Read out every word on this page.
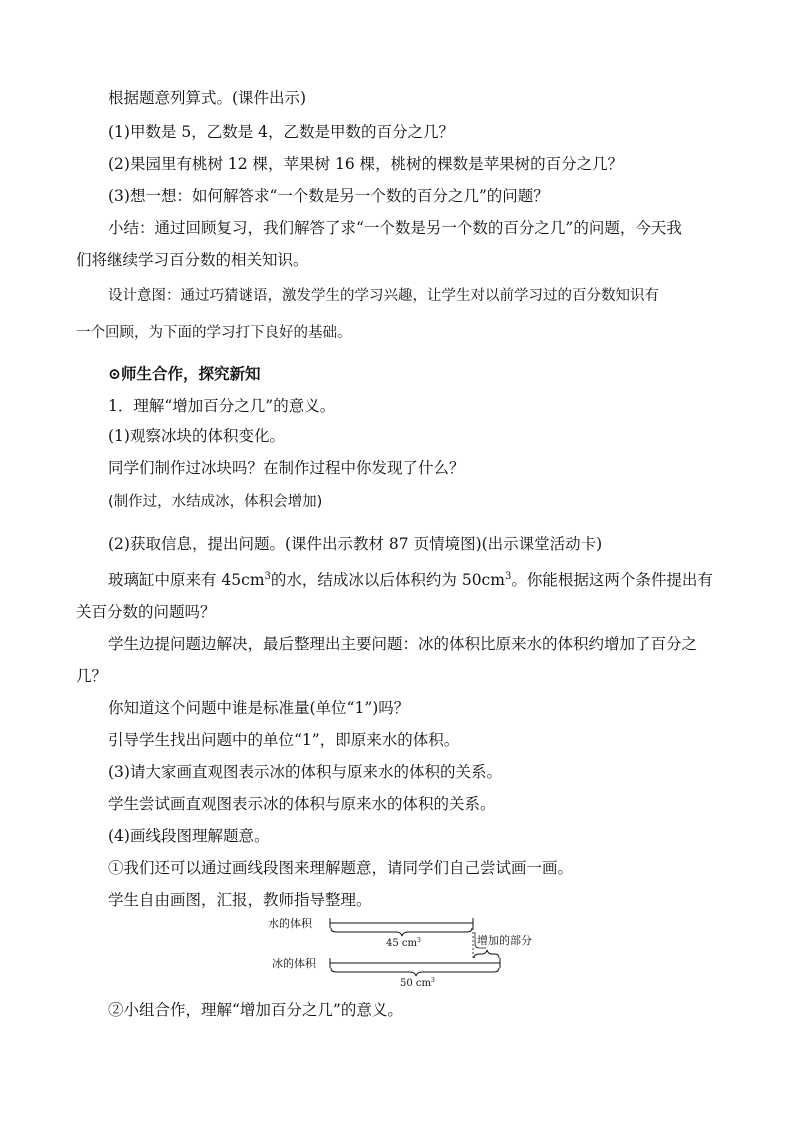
根据题意列算式。(课件出示)
(1)甲数是 5，乙数是 4，乙数是甲数的百分之几？
(2)果园里有桃树 12 棵，苹果树 16 棵，桃树的棵数是苹果树的百分之几？
(3)想一想：如何解答求“一个数是另一个数的百分之几”的问题？
小结：通过回顾复习，我们解答了求“一个数是另一个数的百分之几”的问题，今天我
们将继续学习百分数的相关知识。
设计意图：通过巧猜谜语，激发学生的学习兴趣，让学生对以前学习过的百分数知识有
一个回顾，为下面的学习打下良好的基础。
⊙师生合作，探究新知
1．理解“增加百分之几”的意义。
(1)观察冰块的体积变化。
同学们制作过冰块吗？在制作过程中你发现了什么？
(制作过，水结成冰，体积会增加)
(2)获取信息，提出问题。(课件出示教材 87 页情境图)(出示课堂活动卡)
玻璃缸中原来有 $45cm^3$的水，结成冰以后体积约为 $50cm^3$。你能根据这两个条件提出有
关百分数的问题吗？
学生边提问题边解决，最后整理出主要问题：冰的体积比原来水的体积约增加了百分之
几？
你知道这个问题中谁是标准量(单位“1”)吗？
引导学生找出问题中的单位“1”，即原来水的体积。
(3)请大家画直观图表示冰的体积与原来水的体积的关系。
学生尝试画直观图表示冰的体积与原来水的体积的关系。
(4)画线段图理解题意。
①我们还可以通过画线段图来理解题意，请同学们自己尝试画一画。
学生自由画图，汇报，教师指导整理。
水的体积
45 $cm^3$	增加的部分
冰的体积
50 $cm^3$
②小组合作，理解“增加百分之几”的意义。
